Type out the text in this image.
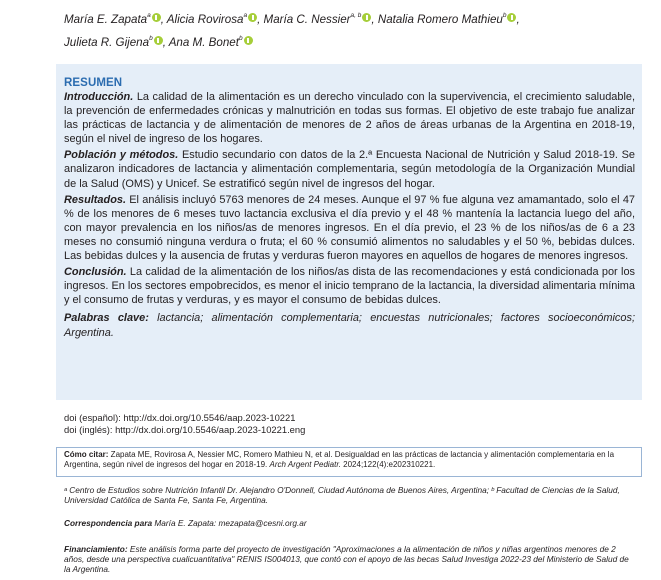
María E. Zapata$^a$ , Alicia Rovirosa$^a$ , María C. Nessier$^{a, b}$ , Natalia Romero Mathieu$^b$ ,
Julieta R. Gijena$^b$ , Ana M. Bonet$^b$
RESUMEN

Introducción. La calidad de la alimentación es un derecho vinculado con la supervivencia, el crecimiento saludable, la prevención de enfermedades crónicas y malnutrición en todas sus formas. El objetivo de este trabajo fue analizar las prácticas de lactancia y de alimentación de menores de 2 años de áreas urbanas de la Argentina en 2018-19, según el nivel de ingreso de los hogares.

Población y métodos. Estudio secundario con datos de la 2.ª Encuesta Nacional de Nutrición y Salud 2018-19. Se analizaron indicadores de lactancia y alimentación complementaria, según metodología de la Organización Mundial de la Salud (OMS) y Unicef. Se estratificó según nivel de ingresos del hogar.

Resultados. El análisis incluyó 5763 menores de 24 meses. Aunque el 97 % fue alguna vez amamantado, solo el 47 % de los menores de 6 meses tuvo lactancia exclusiva el día previo y el 48 % mantenía la lactancia luego del año, con mayor prevalencia en los niños/as de menores ingresos. En el día previo, el 23 % de los niños/as de 6 a 23 meses no consumió ninguna verdura o fruta; el 60 % consumió alimentos no saludables y el 50 %, bebidas dulces. Las bebidas dulces y la ausencia de frutas y verduras fueron mayores en aquellos de hogares de menores ingresos.

Conclusión. La calidad de la alimentación de los niños/as dista de las recomendaciones y está condicionada por los ingresos. En los sectores empobrecidos, es menor el inicio temprano de la lactancia, la diversidad alimentaria mínima y el consumo de frutas y verduras, y es mayor el consumo de bebidas dulces.

Palabras clave: lactancia; alimentación complementaria; encuestas nutricionales; factores socioeconómicos; Argentina.

doi (español): http://dx.doi.org/10.5546/aap.2023-10221
doi (inglés): http://dx.doi.org/10.5546/aap.2023-10221.eng
Cómo citar: Zapata ME, Rovirosa A, Nessier MC, Romero Mathieu N, et al. Desigualdad en las prácticas de lactancia y alimentación complementaria en la Argentina, según nivel de ingresos del hogar en 2018-19. Arch Argent Pediatr. 2024;122(4):e202310221.
ᵃ Centro de Estudios sobre Nutrición Infantil Dr. Alejandro O'Donnell, Ciudad Autónoma de Buenos Aires, Argentina; ᵇ Facultad de Ciencias de la Salud, Universidad Católica de Santa Fe, Santa Fe, Argentina.
Correspondencia para María E. Zapata: mezapata@cesni.org.ar
Financiamiento: Este análisis forma parte del proyecto de investigación "Aproximaciones a la alimentación de niños y niñas argentinos menores de 2 años, desde una perspectiva cualicuantitativa" RENIS IS004013, que contó con el apoyo de las becas Salud Investiga 2022-23 del Ministerio de Salud de la Argentina.
